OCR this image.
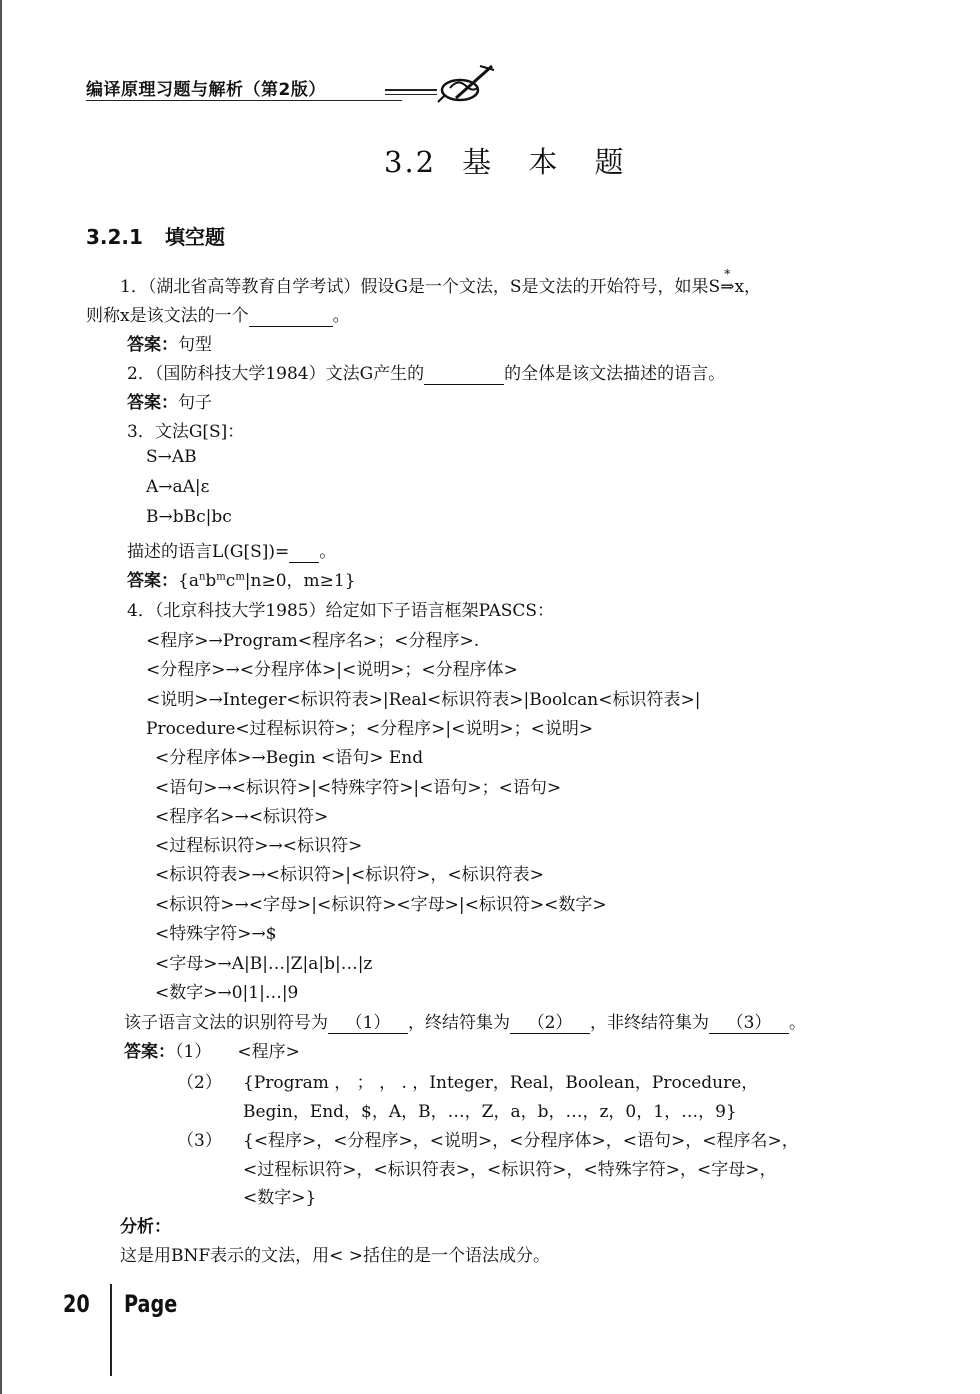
编译原理习题与解析（第2版）
3.2 基 本 题
3.2.1 填空题
1．（湖北省高等教育自学考试）假设G是一个文法，S是文法的开始符号，如果S
*
⇒x，
则称x是该文法的一个	。
答案：句型
2．（国防科技大学1984）文法G产生的	的全体是该文法描述的语言。
答案：句子
3．文法G[S]：
S→AB
A→aA|ε
B→bBc|bc
描述的语言L(G[S])= 。
答案：{$a^nb^mc^m|n\ge 0$，m≥1}
4．（北京科技大学1985）给定如下子语言框架PASCS：
<程序>→Program<程序名>；<分程序>.
<分程序>→<分程序体>|<说明>；<分程序体>
<说明>→Integer<标识符表>|Real<标识符表>|Boolcan<标识符表>|
Procedure<过程标识符>；<分程序>|<说明>；<说明>
<分程序体>→Begin <语句> End
<语句>→<标识符>|<特殊字符>|<语句>；<语句>
<程序名>→<标识符>
<过程标识符>→<标识符>
<标识符表>→<标识符>|<标识符>，<标识符表>
<标识符>→<字母>|<标识符><字母>|<标识符><数字>
<特殊字符>→$
<字母>→A|B|…|Z|a|b|…|z
<数字>→0|1|…|9
该子语言文法的识别符号为 （1） ，终结符集为 （2） ，非终结符集为 （3） 。
答案：（1） <程序>
（2） {Program ， ； ， . ，Integer，Real，Boolean，Procedure，
Begin，End，$，A，B，…，Z，a，b，…，z，0，1，…，9}
（3） {<程序>，<分程序>，<说明>，<分程序体>，<语句>，<程序名>，
<过程标识符>，<标识符表>，<标识符>，<特殊字符>，<字母>，
<数字>}
分析：
这是用BNF表示的文法，用< >括住的是一个语法成分。
20 Page
